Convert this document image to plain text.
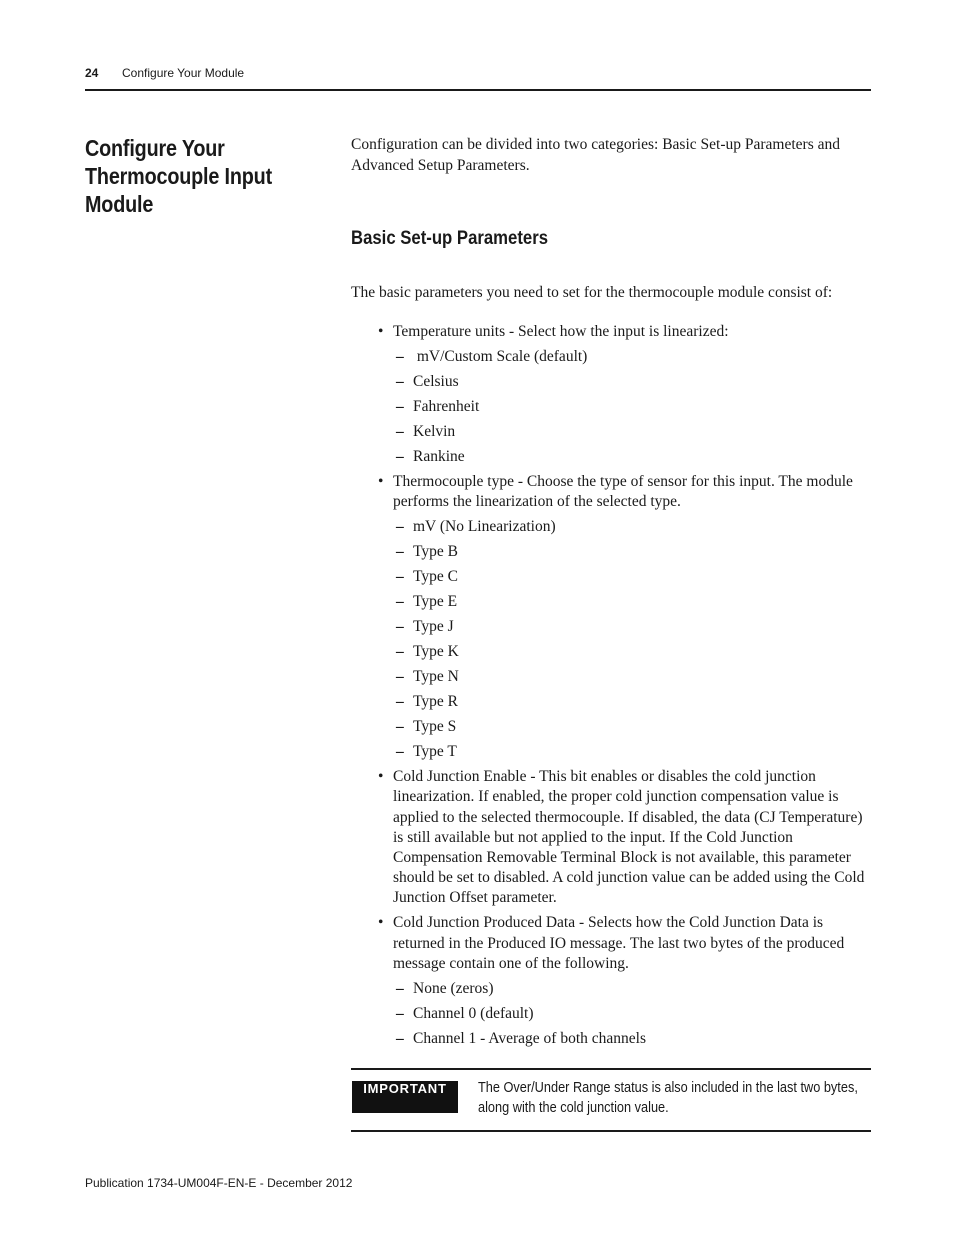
24 Configure Your Module
Configure Your Thermocouple Input Module
Configuration can be divided into two categories: Basic Set-up Parameters and Advanced Setup Parameters.
Basic Set-up Parameters
The basic parameters you need to set for the thermocouple module consist of:
• Temperature units - Select how the input is linearized:
– mV/Custom Scale (default)
– Celsius
– Fahrenheit
– Kelvin
– Rankine
• Thermocouple type - Choose the type of sensor for this input. The module performs the linearization of the selected type.
– mV (No Linearization)
– Type B
– Type C
– Type E
– Type J
– Type K
– Type N
– Type R
– Type S
– Type T
• Cold Junction Enable - This bit enables or disables the cold junction linearization. If enabled, the proper cold junction compensation value is applied to the selected thermocouple. If disabled, the data (CJ Temperature) is still available but not applied to the input. If the Cold Junction Compensation Removable Terminal Block is not available, this parameter should be set to disabled. A cold junction value can be added using the Cold Junction Offset parameter.
• Cold Junction Produced Data - Selects how the Cold Junction Data is returned in the Produced IO message. The last two bytes of the produced message contain one of the following.
– None (zeros)
– Channel 0 (default)
– Channel 1 - Average of both channels
IMPORTANT	The Over/Under Range status is also included in the last two bytes, along with the cold junction value.
Publication 1734-UM004F-EN-E - December 2012
